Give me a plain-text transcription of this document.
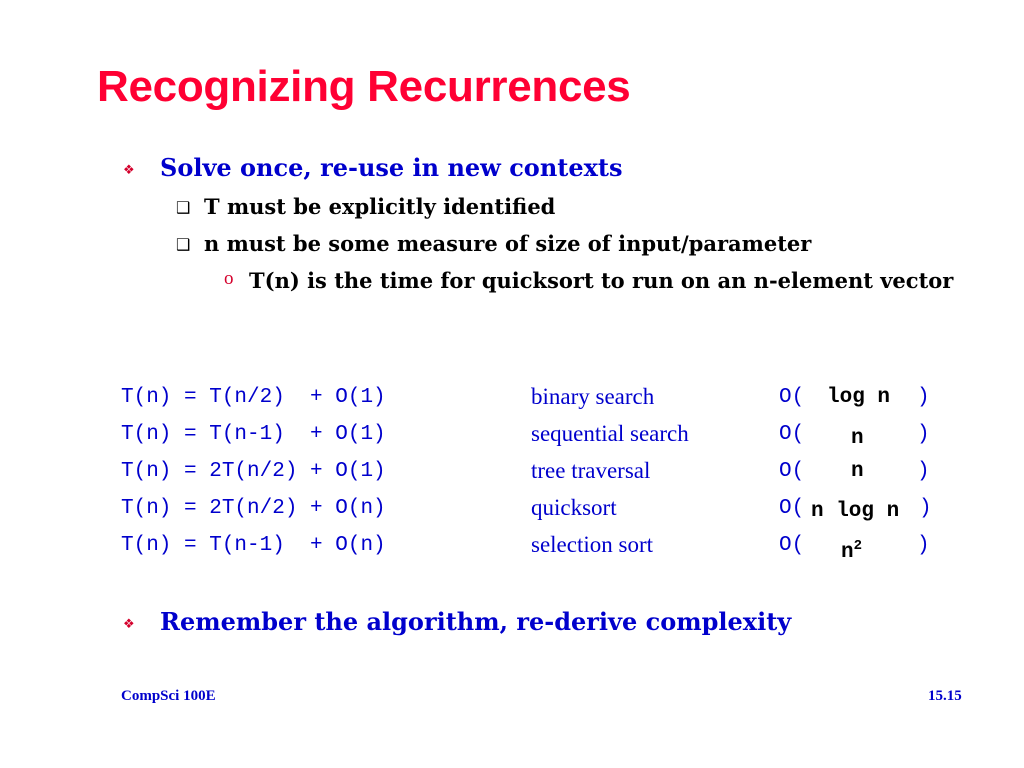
Recognizing Recurrences
❖ Solve once, re-use in new contexts
❑ T must be explicitly identified
❑ n must be some measure of size of input/parameter
o T(n) is the time for quicksort to run on an n-element vector
T(n) = T(n/2)  + O(1)	binary search	O( log n )
T(n) = T(n-1)  + O(1)	sequential search	O( n	)
T(n) = 2T(n/2) + O(1)	tree traversal	O( n	)
T(n) = 2T(n/2) + O(n)	quicksort	O( n log n )
T(n) = T(n-1)  + O(n)	selection sort	O( $n^2$	)
❖ Remember the algorithm, re-derive complexity
CompSci 100E	15.15
